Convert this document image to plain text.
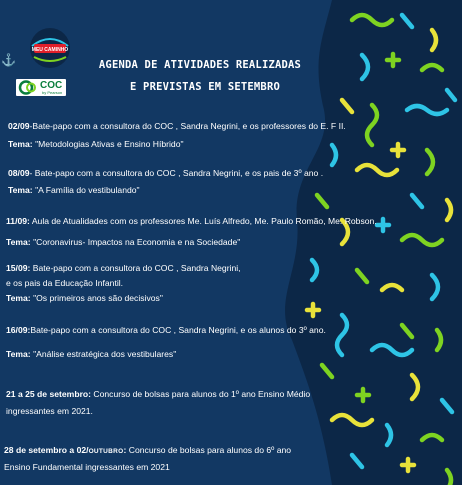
MEU CAMINHO
⚓
COC
by Pearson
AGENDA DE ATIVIDADES REALIZADAS
E PREVISTAS EM SETEMBRO
02/09-Bate-papo com a consultora do COC , Sandra Negrini, e os professores do E. F II.
Tema: "Metodologias Ativas e Ensino Híbrido"
08/09- Bate-papo com a consultora do COC , Sandra Negrini, e os pais de 3º ano .
Tema: "A Família do vestibulando"
11/09: Aula de Atualidades com os professores Me. Luís Alfredo, Me. Paulo Romão, Me. Robson.
Tema: "Coronavirus- Impactos na Economia e na Sociedade"
15/09: Bate-papo com a consultora do COC , Sandra Negrini,
e os pais da Educação Infantil.
Tema: "Os primeiros anos são decisivos"
16/09:Bate-papo com a consultora do COC , Sandra Negrini, e os alunos do 3º ano.
Tema: "Análise estratégica dos vestibulares"
21 a 25 de setembro: Concurso de bolsas para alunos do 1º ano Ensino Médio
ingressantes em 2021.
28 de setembro a 02/OUTUBRO: Concurso de bolsas para alunos do 6º ano
Ensino Fundamental ingressantes em 2021
